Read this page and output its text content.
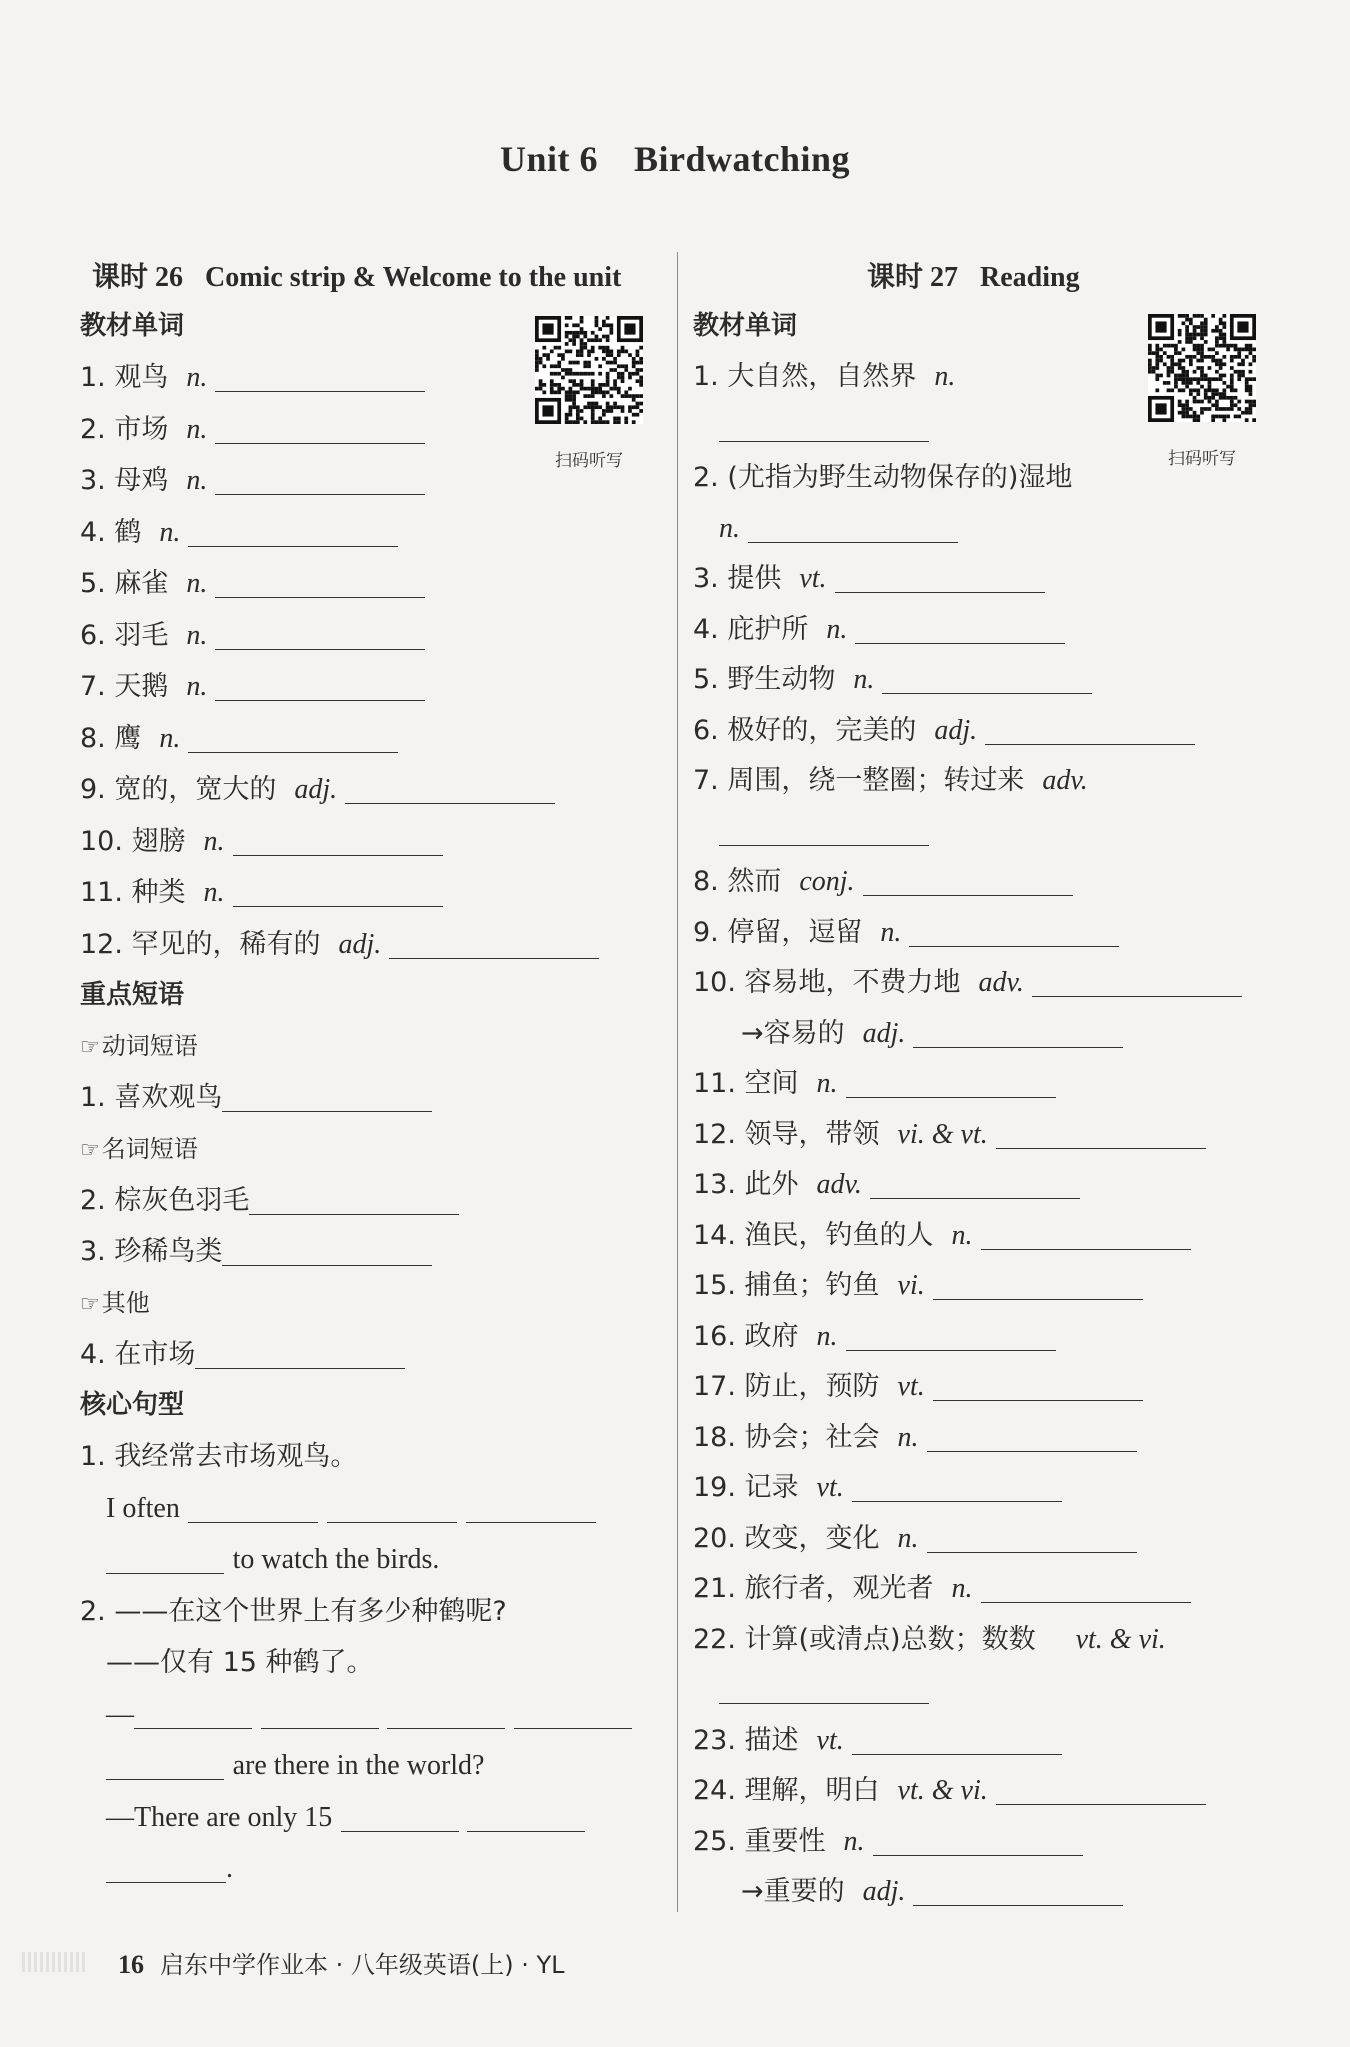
Unit 6 Birdwatching
课时 26 Comic strip & Welcome to the unit
教材单词
1. 观鸟 n.
2. 市场 n.
3. 母鸡 n.
4. 鹤 n.
5. 麻雀 n.
6. 羽毛 n.
7. 天鹅 n.
8. 鹰 n.
9. 宽的，宽大的 adj.
10. 翅膀 n.
11. 种类 n.
12. 罕见的，稀有的 adj.
重点短语
☞动词短语
1. 喜欢观鸟
☞名词短语
2. 棕灰色羽毛
3. 珍稀鸟类
☞其他
4. 在市场
核心句型
1. 我经常去市场观鸟。
I often
to watch the birds.
2. ——在这个世界上有多少种鹤呢?
——仅有 15 种鹤了。
—
are there in the world?
—There are only 15
.
扫码听写
课时 27 Reading
教材单词
1. 大自然，自然界 n.
2. (尤指为野生动物保存的)湿地
n.
3. 提供 vt.
4. 庇护所 n.
5. 野生动物 n.
6. 极好的，完美的 adj.
7. 周围，绕一整圈；转过来 adv.
8. 然而 conj.
9. 停留，逗留 n.
10. 容易地，不费力地 adv.
→容易的 adj.
11. 空间 n.
12. 领导，带领 vi. & vt.
13. 此外 adv.
14. 渔民，钓鱼的人 n.
15. 捕鱼；钓鱼 vi.
16. 政府 n.
17. 防止，预防 vt.
18. 协会；社会 n.
19. 记录 vt.
20. 改变，变化 n.
21. 旅行者，观光者 n.
22. 计算(或清点)总数；数数 vt. & vi.
23. 描述 vt.
24. 理解，明白 vt. & vi.
25. 重要性 n.
→重要的 adj.
扫码听写
16 启东中学作业本 · 八年级英语(上) · YL
